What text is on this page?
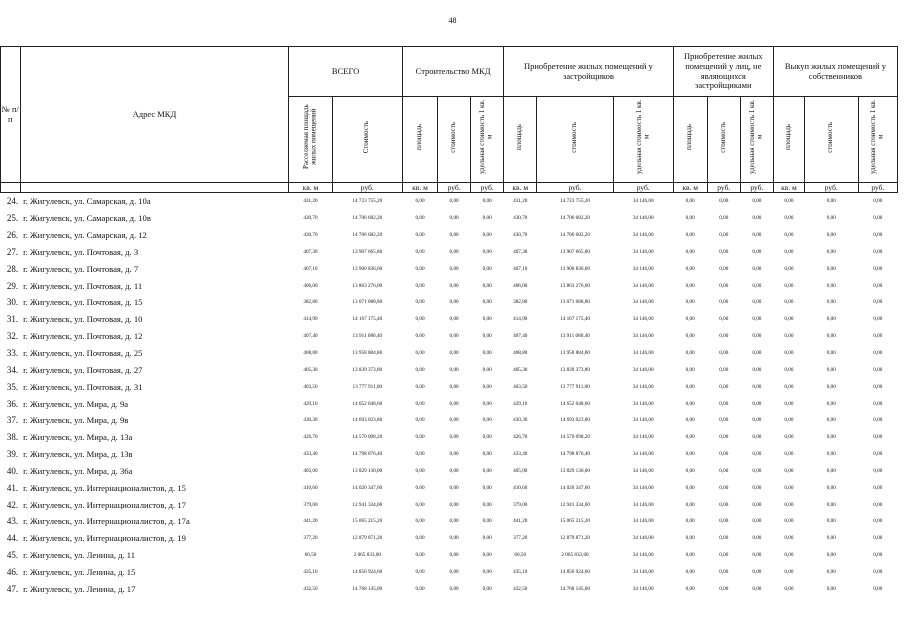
48
№ п/п	Адрес МКД	ВСЕГО		Строительство МКД			Приобретение жилых помещений у застройщиков			Приобретение жилых помещений у лиц, не являющихся застройщиками			Выкуп жилых помещений у собственников		
		Расселяемая площадь жилых помещений	Стоимость	площадь	стоимость	удельная стоимость 1 кв. м	площадь	стоимость	удельная стоимость 1 кв. м	площадь	стоимость	удельная стоимость 1 кв. м	площадь	стоимость	удельная стоимость 1 кв. м
		кв. м	руб.	кв. м	руб.	руб.	кв. м	руб.	руб.	кв. м	руб.	руб.	кв. м	руб.	руб.
24.	г. Жигулевск, ул. Самарская, д. 10а	431,20	14 723 755,20	0,00	0,00	0,00	431,20	14 723 755,20	34 146,00	0,00	0,00	0,00	0,00	0,00	0,00
25.	г. Жигулевск, ул. Самарская, д. 10в	430,70	14 706 682,20	0,00	0,00	0,00	430,70	14 706 682,20	34 146,00	0,00	0,00	0,00	0,00	0,00	0,00
26.	г. Жигулевск, ул. Самарская, д. 12	430,70	14 706 682,20	0,00	0,00	0,00	430,70	14 706 682,20	34 146,00	0,00	0,00	0,00	0,00	0,00	0,00
27.	г. Жигулевск, ул. Почтовая, д. 3	407,30	13 907 665,80	0,00	0,00	0,00	407,30	13 907 665,80	34 146,00	0,00	0,00	0,00	0,00	0,00	0,00
28.	г. Жигулевск, ул. Почтовая, д. 7	407,10	13 900 836,60	0,00	0,00	0,00	407,10	13 900 836,60	34 146,00	0,00	0,00	0,00	0,00	0,00	0,00
29.	г. Жигулевск, ул. Почтовая, д. 11	406,00	13 863 276,00	0,00	0,00	0,00	406,00	13 863 276,00	34 146,00	0,00	0,00	0,00	0,00	0,00	0,00
30.	г. Жигулевск, ул. Почтовая, д. 15	382,80	13 071 088,80	0,00	0,00	0,00	382,80	13 071 088,80	34 146,00	0,00	0,00	0,00	0,00	0,00	0,00
31.	г. Жигулевск, ул. Почтовая, д. 10	414,90	14 167 175,40	0,00	0,00	0,00	414,90	14 167 175,40	34 146,00	0,00	0,00	0,00	0,00	0,00	0,00
32.	г. Жигулевск, ул. Почтовая, д. 12	407,40	13 911 080,40	0,00	0,00	0,00	407,40	13 911 080,40	34 146,00	0,00	0,00	0,00	0,00	0,00	0,00
33.	г. Жигулевск, ул. Почтовая, д. 25	408,80	13 958 884,80	0,00	0,00	0,00	408,80	13 958 884,80	34 146,00	0,00	0,00	0,00	0,00	0,00	0,00
34.	г. Жигулевск, ул. Почтовая, д. 27	405,30	13 839 373,80	0,00	0,00	0,00	405,30	13 839 373,80	34 146,00	0,00	0,00	0,00	0,00	0,00	0,00
35.	г. Жигулевск, ул. Почтовая, д. 31	403,50	13 777 911,00	0,00	0,00	0,00	403,50	13 777 911,00	34 146,00	0,00	0,00	0,00	0,00	0,00	0,00
36.	г. Жигулевск, ул. Мира, д. 9а	429,10	14 652 048,60	0,00	0,00	0,00	429,10	14 652 048,60	34 146,00	0,00	0,00	0,00	0,00	0,00	0,00
37.	г. Жигулевск, ул. Мира, д. 9в	430,30	14 693 023,80	0,00	0,00	0,00	430,30	14 693 023,80	34 146,00	0,00	0,00	0,00	0,00	0,00	0,00
38.	г. Жигулевск, ул. Мира, д. 13а	426,70	14 570 098,20	0,00	0,00	0,00	426,70	14 570 098,20	34 146,00	0,00	0,00	0,00	0,00	0,00	0,00
39.	г. Жигулевск, ул. Мира, д. 13в	433,40	14 798 876,40	0,00	0,00	0,00	433,40	14 798 876,40	34 146,00	0,00	0,00	0,00	0,00	0,00	0,00
40.	г. Жигулевск, ул. Мира, д. 36а	405,00	13 829 130,00	0,00	0,00	0,00	405,00	13 829 130,00	34 146,00	0,00	0,00	0,00	0,00	0,00	0,00
41.	г. Жигулевск, ул. Интернационалистов, д. 15	410,60	14 020 347,60	0,00	0,00	0,00	410,60	14 020 347,60	34 146,00	0,00	0,00	0,00	0,00	0,00	0,00
42.	г. Жигулевск, ул. Интернационалистов, д. 17	379,00	12 941 334,00	0,00	0,00	0,00	379,00	12 941 334,00	34 146,00	0,00	0,00	0,00	0,00	0,00	0,00
43.	г. Жигулевск, ул. Интернационалистов, д. 17а	441,20	15 065 215,20	0,00	0,00	0,00	441,20	15 065 215,20	34 146,00	0,00	0,00	0,00	0,00	0,00	0,00
44.	г. Жигулевск, ул. Интернационалистов, д. 19	377,20	12 879 871,20	0,00	0,00	0,00	377,20	12 879 871,20	34 146,00	0,00	0,00	0,00	0,00	0,00	0,00
45.	г. Жигулевск, ул. Ленина, д. 11	60,50	2 065 833,00	0,00	0,00	0,00	60,50	2 065 833,00	34 146,00	0,00	0,00	0,00	0,00	0,00	0,00
46.	г. Жигулевск, ул. Ленина, д. 15	435,10	14 856 924,60	0,00	0,00	0,00	435,10	14 856 924,60	34 146,00	0,00	0,00	0,00	0,00	0,00	0,00
47.	г. Жигулевск, ул. Ленина, д. 17	432,50	14 768 145,00	0,00	0,00	0,00	432,50	14 768 145,00	34 146,00	0,00	0,00	0,00	0,00	0,00	0,00
